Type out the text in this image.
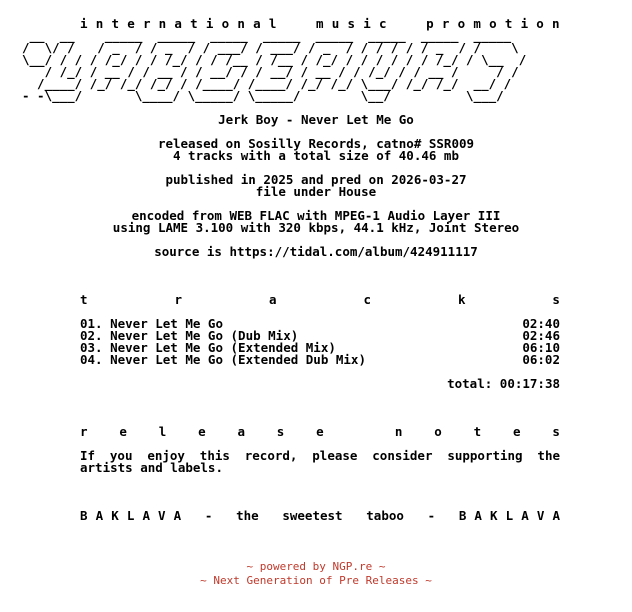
i n t e r n a t i o n a l

	m u s i c

	p r o m o t i o n
__  __    _____  _____  _____  _____  _____  _____  _____  _____
/  \/ /   / _  / / _  / / ___/ / ___/ / _  / / / / / / _  / /    \
\__/ / / / /_/ / / /_/ / / /__ / /__ / /_/ / / / / / / /_/ / \__  /
/ /_/ / __ / / __ / / __/ / / __/ / __ / / /_/ / / __ /     / /
/____/ /_/ /_/ /_/ / /____/ /____/ /_/ /_/ \___/ /_/ /_/  __/ /
- -\___/       \____/ \_____/ \_____/        \__/          \___/
Jerk Boy - Never Let Me Go
released on Sosilly Records, catno# SSR009
4 tracks with a total size of 40.46 mb
published in 2025 and pred on 2026-03-27
file under House
encoded from WEB FLAC with MPEG-1 Audio Layer III
using LAME 3.100 with 320 kbps, 44.1 kHz, Joint Stereo
source is https://tidal.com/album/424911117
t	r	a	c	k	s
01. Never Let Me Go	02:40
02. Never Let Me Go (Dub Mix)	02:46
03. Never Let Me Go (Extended Mix)	06:10
04. Never Let Me Go (Extended Dub Mix)	06:02
total: 00:17:38
r	e	l	e	a	s	e
	n	o	t	e	s
If you enjoy this record, please consider supporting the artists and labels.
B A K L A V A
-
the
sweetest
taboo
-
B A K L A V A
~ powered by NGP.re ~
~ Next Generation of Pre Releases ~
